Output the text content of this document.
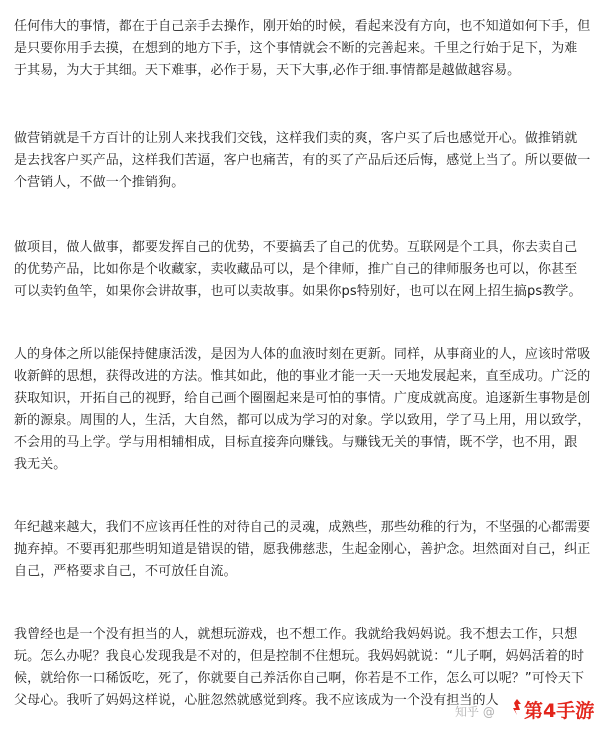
任何伟大的事情，都在于自己亲手去操作，刚开始的时候，看起来没有方向，也不知道如何下手，但
是只要你用手去摸，在想到的地方下手，这个事情就会不断的完善起来。千里之行始于足下，为难
于其易，为大于其细。天下难事，必作于易，天下大事,必作于细.事情都是越做越容易。

做营销就是千方百计的让别人来找我们交钱，这样我们卖的爽，客户买了后也感觉开心。做推销就
是去找客户买产品，这样我们苦逼，客户也痛苦，有的买了产品后还后悔，感觉上当了。所以要做一
个营销人，不做一个推销狗。

做项目，做人做事，都要发挥自己的优势，不要搞丢了自己的优势。互联网是个工具，你去卖自己
的优势产品，比如你是个收藏家，卖收藏品可以，是个律师，推广自己的律师服务也可以，你甚至
可以卖钓鱼竿，如果你会讲故事，也可以卖故事。如果你ps特别好，也可以在网上招生搞ps教学。

人的身体之所以能保持健康活泼，是因为人体的血液时刻在更新。同样，从事商业的人，应该时常吸
收新鲜的思想，获得改进的方法。惟其如此，他的事业才能一天一天地发展起来，直至成功。广泛的
获取知识，开拓自己的视野，给自己画个圈圈起来是可怕的事情。广度成就高度。追逐新生事物是创
新的源泉。周围的人，生活，大自然，都可以成为学习的对象。学以致用，学了马上用，用以致学，
不会用的马上学。学与用相辅相成，目标直接奔向赚钱。与赚钱无关的事情，既不学，也不用，跟
我无关。

年纪越来越大，我们不应该再任性的对待自己的灵魂，成熟些，那些幼稚的行为，不坚强的心都需要
抛弃掉。不要再犯那些明知道是错误的错，愿我佛慈悲，生起金刚心，善护念。坦然面对自己，纠正
自己，严格要求自己，不可放任自流。

我曾经也是一个没有担当的人，就想玩游戏，也不想工作。我就给我妈妈说。我不想去工作，只想
玩。怎么办呢？我良心发现我是不对的，但是控制不住想玩。我妈妈就说：“儿子啊，妈妈活着的时
候，就给你一口稀饭吃，死了，你就要自己养活你自己啊，你若是不工作，怎么可以呢？”可怜天下
父母心。我听了妈妈这样说，心脏忽然就感觉到疼。我不应该成为一个没有担当的人

知乎 @ 第4手游
